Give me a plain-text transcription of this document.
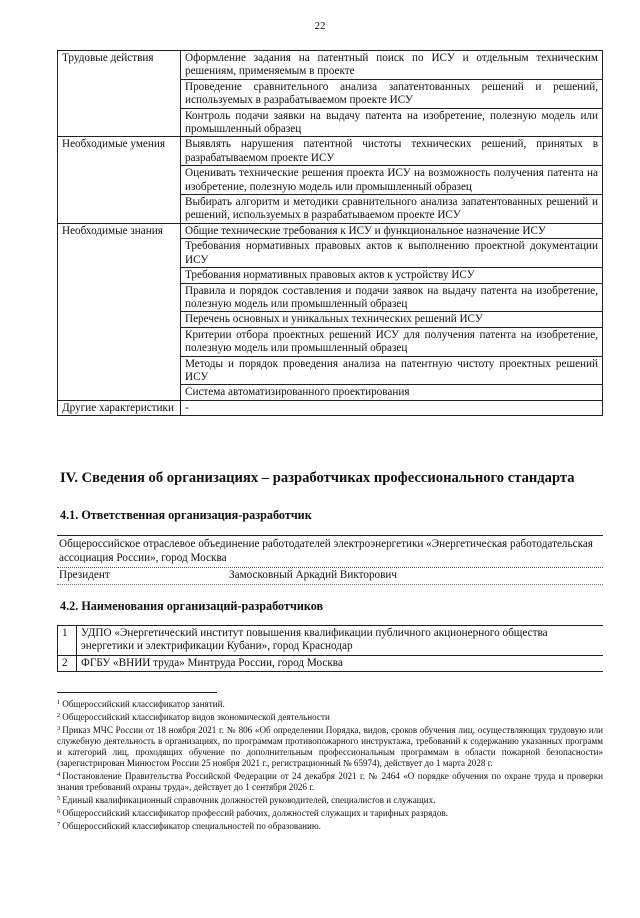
22
Трудовые действия	Оформление задания на патентный поиск по ИСУ и отдельным техническим решениям, применяемым в проекте
	Проведение сравнительного анализа запатентованных решений и решений, используемых в разрабатываемом проекте ИСУ
	Контроль подачи заявки на выдачу патента на изобретение, полезную модель или промышленный образец
Необходимые умения	Выявлять нарушения патентной чистоты технических решений, принятых в разрабатываемом проекте ИСУ
	Оценивать технические решения проекта ИСУ на возможность получения патента на изобретение, полезную модель или промышленный образец
	Выбирать алгоритм и методики сравнительного анализа запатентованных решений и решений, используемых в разрабатываемом проекте ИСУ
Необходимые знания	Общие технические требования к ИСУ и функциональное назначение ИСУ
	Требования нормативных правовых актов к выполнению проектной документации ИСУ
	Требования нормативных правовых актов к устройству ИСУ
	Правила и порядок составления и подачи заявок на выдачу патента на изобретение, полезную модель или промышленный образец
	Перечень основных и уникальных технических решений ИСУ
	Критерии отбора проектных решений ИСУ для получения патента на изобретение, полезную модель или промышленный образец
	Методы и порядок проведения анализа на патентную чистоту проектных решений ИСУ
	Система автоматизированного проектирования
Другие характеристики	-
IV. Сведения об организациях – разработчиках профессионального стандарта
4.1. Ответственная организация-разработчик
Общероссийское отраслевое объединение работодателей электроэнергетики «Энергетическая работодательская ассоциация России», город Москва
Президент	Замосковный Аркадий Викторович
4.2. Наименования организаций-разработчиков
1	УДПО «Энергетический институт повышения квалификации публичного акционерного общества энергетики и электрификации Кубани», город Краснодар
2	ФГБУ «ВНИИ труда» Минтруда России, город Москва

$^1$ Общероссийский классификатор занятий.

$^2$ Общероссийский классификатор видов экономической деятельности

$^3$ Приказ МЧС России от 18 ноября 2021 г. № 806 «Об определении Порядка, видов, сроков обучения лиц, осуществляющих трудовую или служебную деятельность в организациях, по программам противопожарного инструктажа, требований к содержанию указанных программ и категорий лиц, проходящих обучение по дополнительным профессиональным программам в области пожарной безопасности» (зарегистрирован Минюстом России 25 ноября 2021 г., регистрационный № 65974), действует до 1 марта 2028 г.

$^4$ Постановление Правительства Российской Федерации от 24 декабря 2021 г. № 2464 «О порядке обучения по охране труда и проверки знания требований охраны труда», действует до 1 сентября 2026 г.

$^5$ Единый квалификационный справочник должностей руководителей, специалистов и служащих.

$^6$ Общероссийский классификатор профессий рабочих, должностей служащих и тарифных разрядов.

$^7$ Общероссийский классификатор специальностей по образованию.
